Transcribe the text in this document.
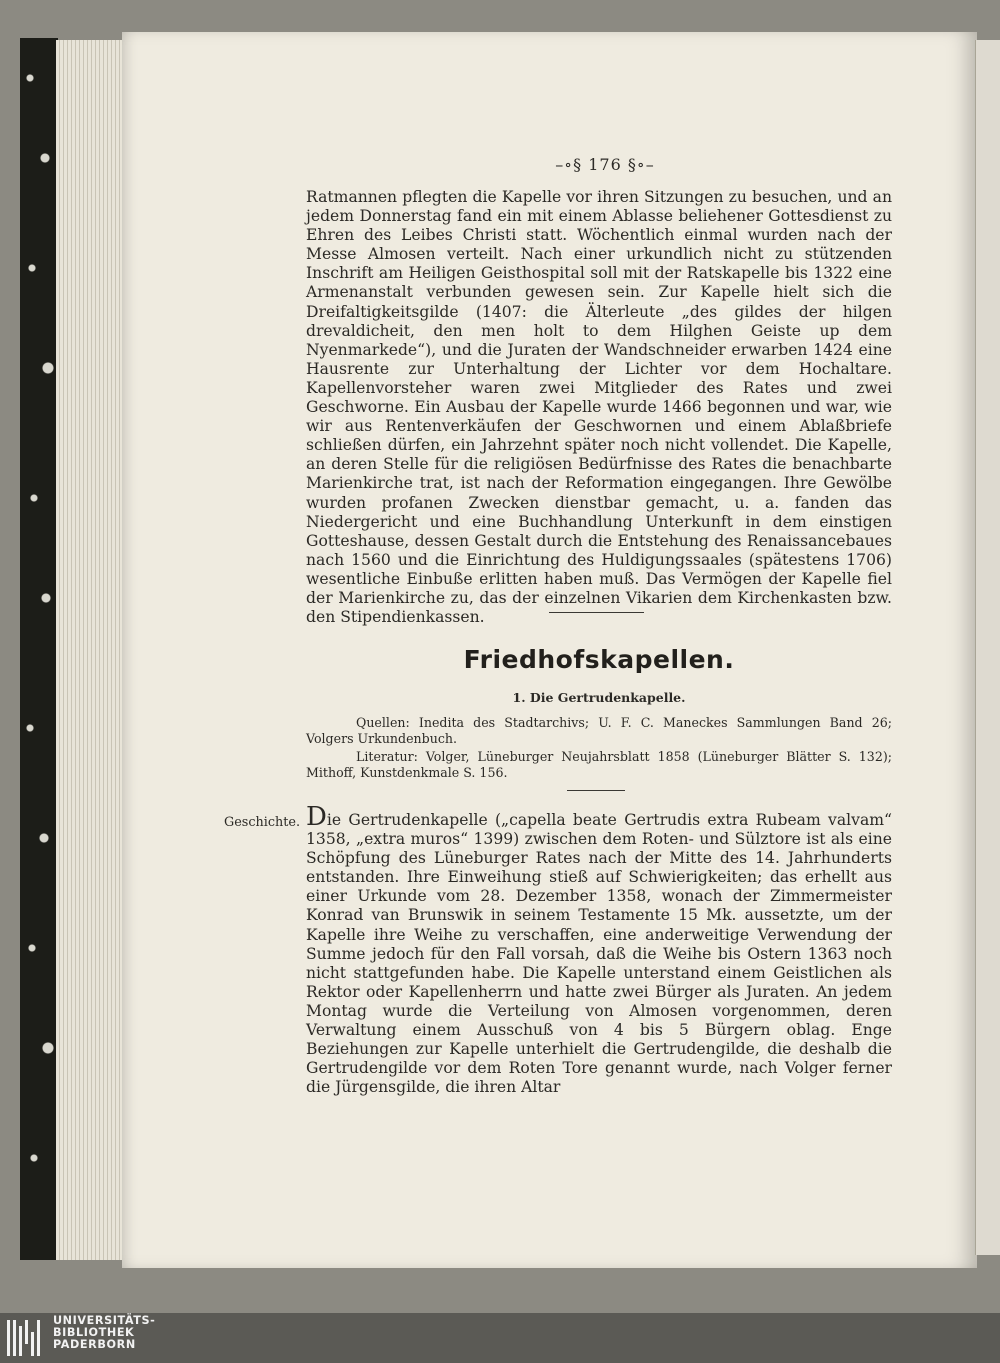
–∘§ 176 §∘–

Ratmannen pflegten die Kapelle vor ihren Sitzungen zu besuchen, und an jedem Donnerstag fand ein mit einem Ablasse beliehener Gottesdienst zu Ehren des Leibes Christi statt. Wöchentlich einmal wurden nach der Messe Almosen verteilt. Nach einer urkundlich nicht zu stützenden Inschrift am Heiligen Geisthospital soll mit der Ratskapelle bis 1322 eine Armenanstalt verbunden gewesen sein. Zur Kapelle hielt sich die Dreifaltigkeitsgilde (1407: die Älterleute „des gildes der hilgen drevaldicheit, den men holt to dem Hilghen Geiste up dem Nyenmarkede“), und die Juraten der Wandschneider erwarben 1424 eine Hausrente zur Unterhaltung der Lichter vor dem Hochaltare. Kapellenvorsteher waren zwei Mitglieder des Rates und zwei Geschworne. Ein Ausbau der Kapelle wurde 1466 begonnen und war, wie wir aus Rentenverkäufen der Geschwornen und einem Ablaßbriefe schließen dürfen, ein Jahrzehnt später noch nicht vollendet. Die Kapelle, an deren Stelle für die religiösen Bedürfnisse des Rates die benachbarte Marienkirche trat, ist nach der Reformation eingegangen. Ihre Gewölbe wurden profanen Zwecken dienstbar gemacht, u. a. fanden das Niedergericht und eine Buchhandlung Unterkunft in dem einstigen Gotteshause, dessen Gestalt durch die Entstehung des Renaissancebaues nach 1560 und die Einrichtung des Huldigungssaales (spätestens 1706) wesentliche Einbuße erlitten haben muß. Das Vermögen der Kapelle fiel der Marienkirche zu, das der einzelnen Vikarien dem Kirchenkasten bzw. den Stipendienkassen.

Friedhofskapellen.
1. Die Gertrudenkapelle.

Quellen: Inedita des Stadtarchivs; U. F. C. Maneckes Sammlungen Band 26; Volgers Urkundenbuch.

Literatur: Volger, Lüneburger Neujahrsblatt 1858 (Lüneburger Blätter S. 132); Mithoff, Kunstdenkmale S. 156.

Geschichte. Die Gertrudenkapelle („capella beate Gertrudis extra Rubeam valvam“ 1358, „extra muros“ 1399) zwischen dem Roten- und Sülztore ist als eine Schöpfung des Lüneburger Rates nach der Mitte des 14. Jahrhunderts entstanden. Ihre Einweihung stieß auf Schwierigkeiten; das erhellt aus einer Urkunde vom 28. Dezember 1358, wonach der Zimmermeister Konrad van Brunswik in seinem Testamente 15 Mk. aussetzte, um der Kapelle ihre Weihe zu verschaffen, eine anderweitige Verwendung der Summe jedoch für den Fall vorsah, daß die Weihe bis Ostern 1363 noch nicht stattgefunden habe. Die Kapelle unterstand einem Geistlichen als Rektor oder Kapellenherrn und hatte zwei Bürger als Juraten. An jedem Montag wurde die Verteilung von Almosen vorgenommen, deren Verwaltung einem Ausschuß von 4 bis 5 Bürgern oblag. Enge Beziehungen zur Kapelle unterhielt die Gertrudengilde, die deshalb die Gertrudengilde vor dem Roten Tore genannt wurde, nach Volger ferner die Jürgensgilde, die ihren Altar

UNIVERSITÄTS-
BIBLIOTHEK
PADERBORN
